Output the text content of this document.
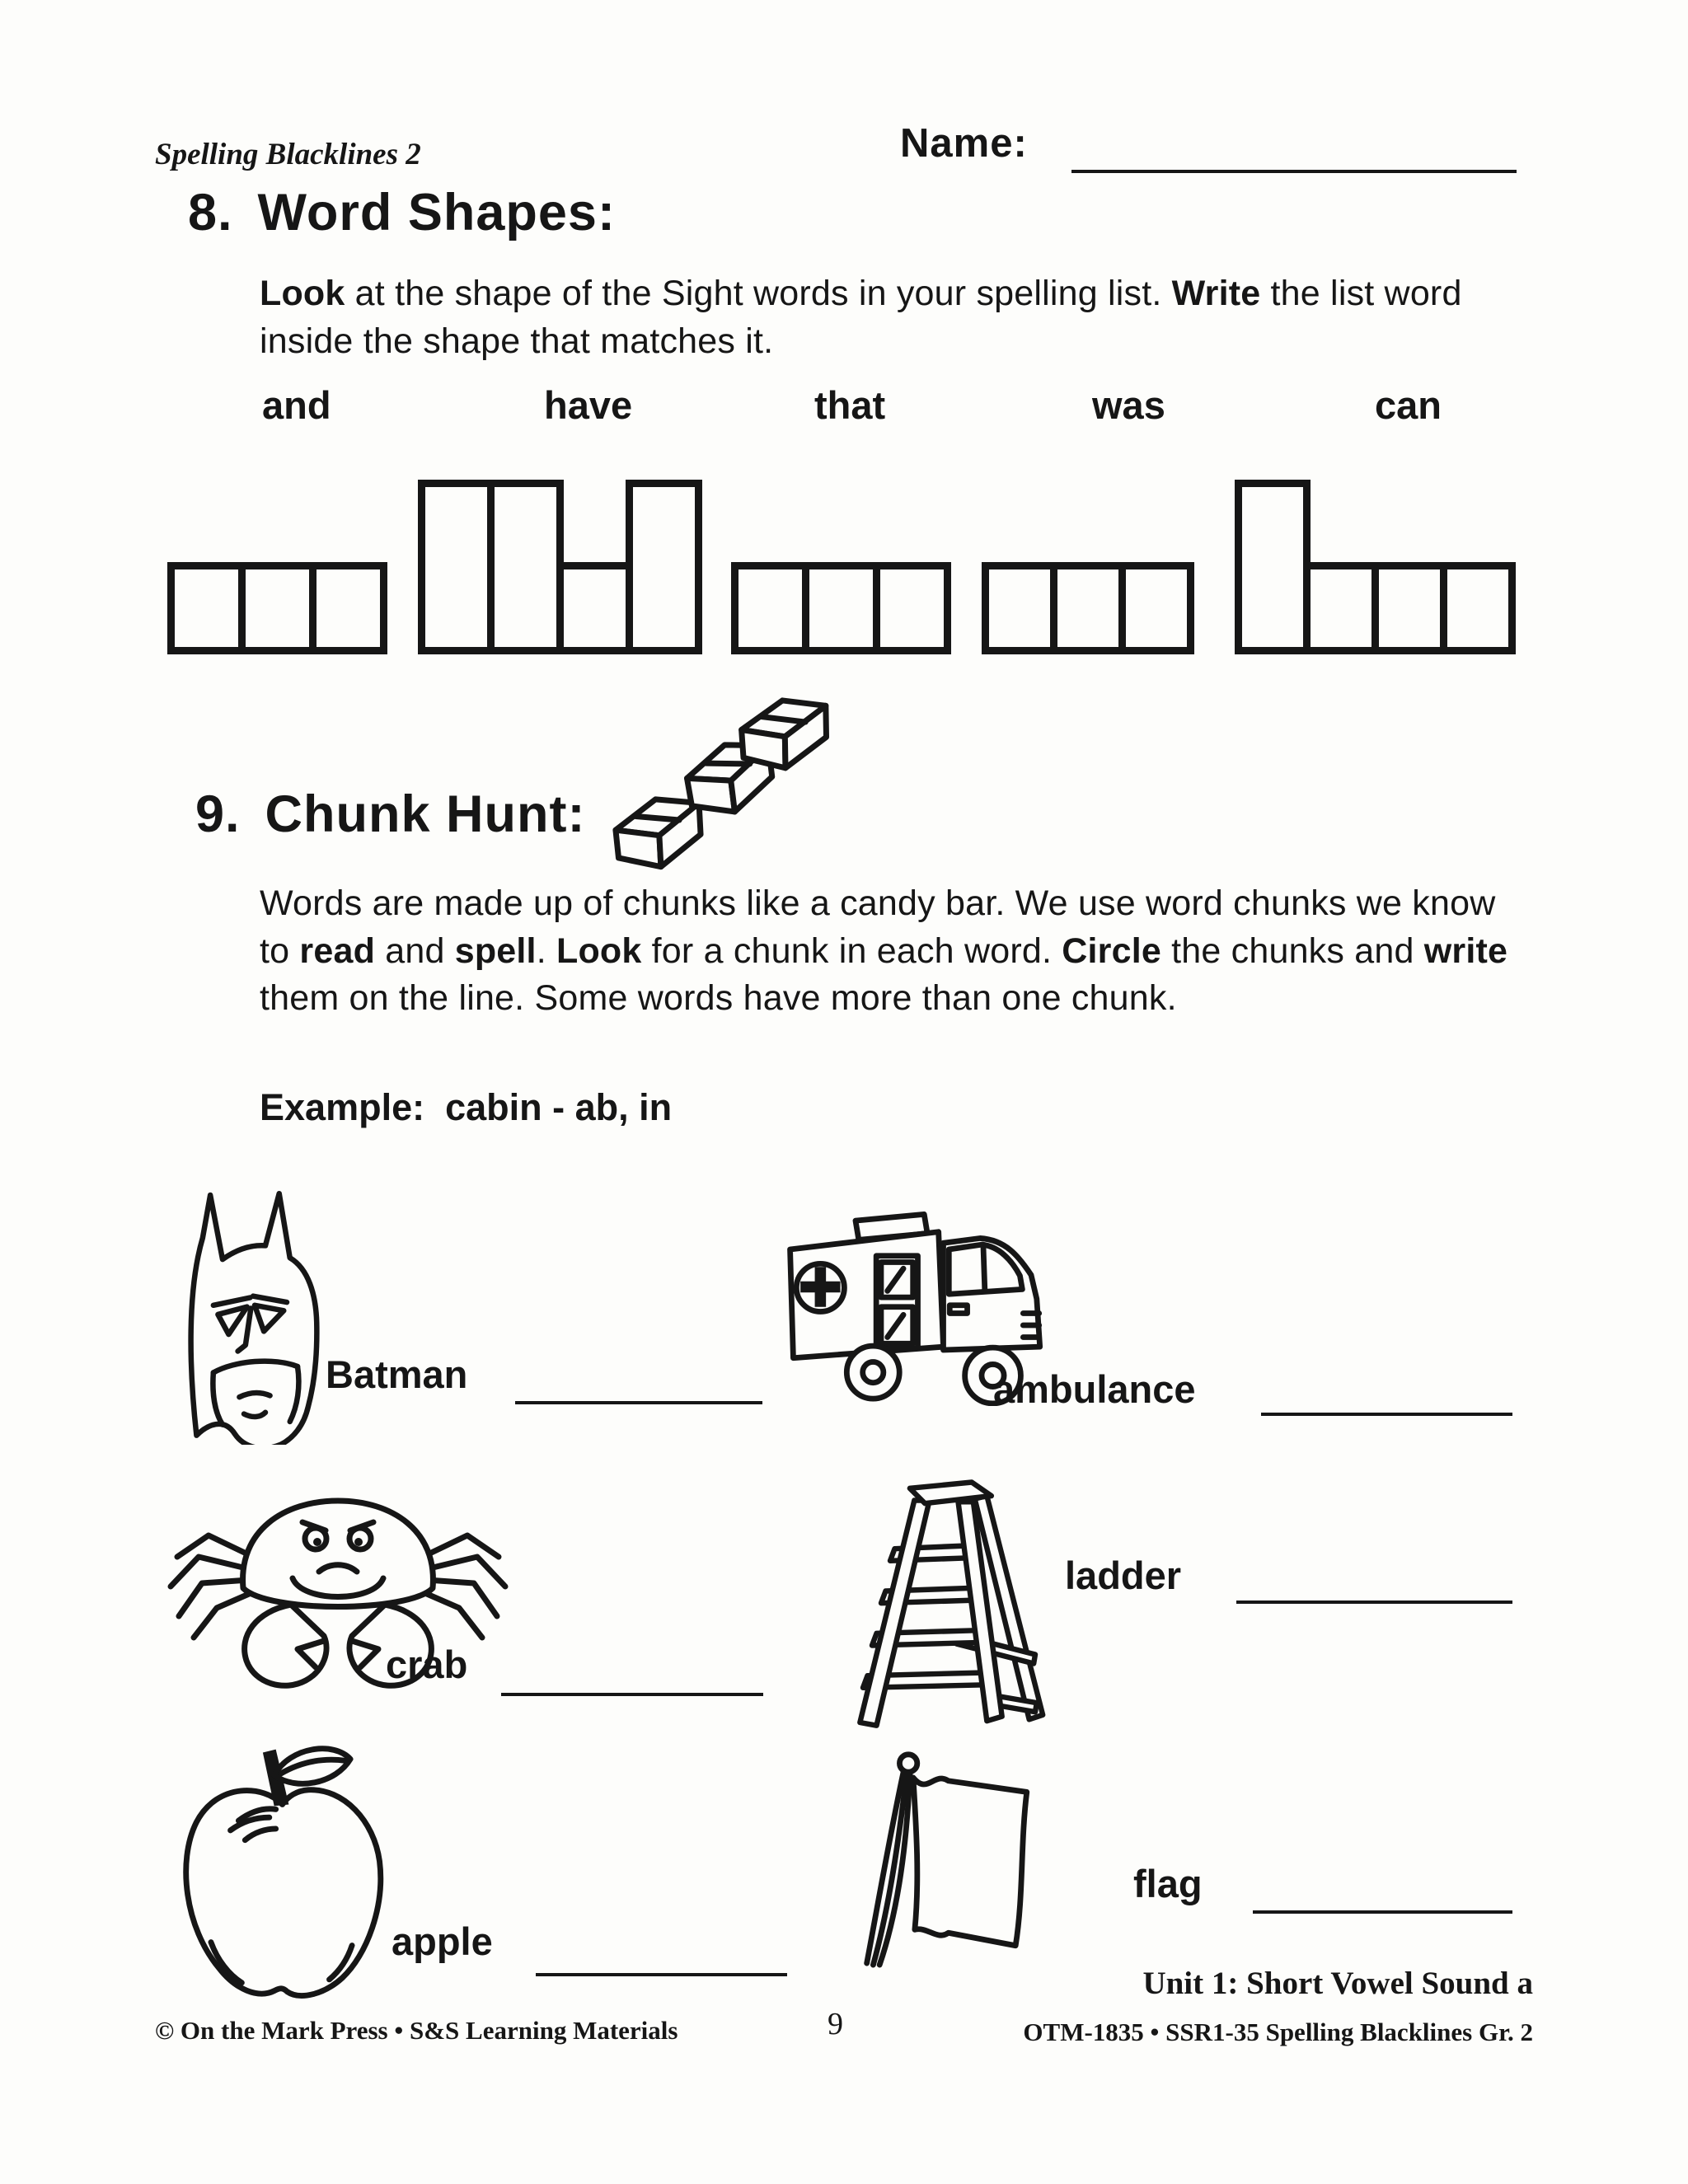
Spelling Blacklines 2	Name:
8. Word Shapes:
Look at the shape of the Sight words in your spelling list. Write the list word inside the shape that matches it.
and	have	that	was	can
9. Chunk Hunt:
Words are made up of chunks like a candy bar. We use word chunks we know to read and spell. Look for a chunk in each word. Circle the chunks and write them on the line. Some words have more than one chunk.
Example: cabin - ab, in
Batman	ambulance
crab
ladder
apple
flag
Unit 1: Short Vowel Sound a
© On the Mark Press • S&S Learning Materials	9	OTM-1835 • SSR1-35 Spelling Blacklines Gr. 2
